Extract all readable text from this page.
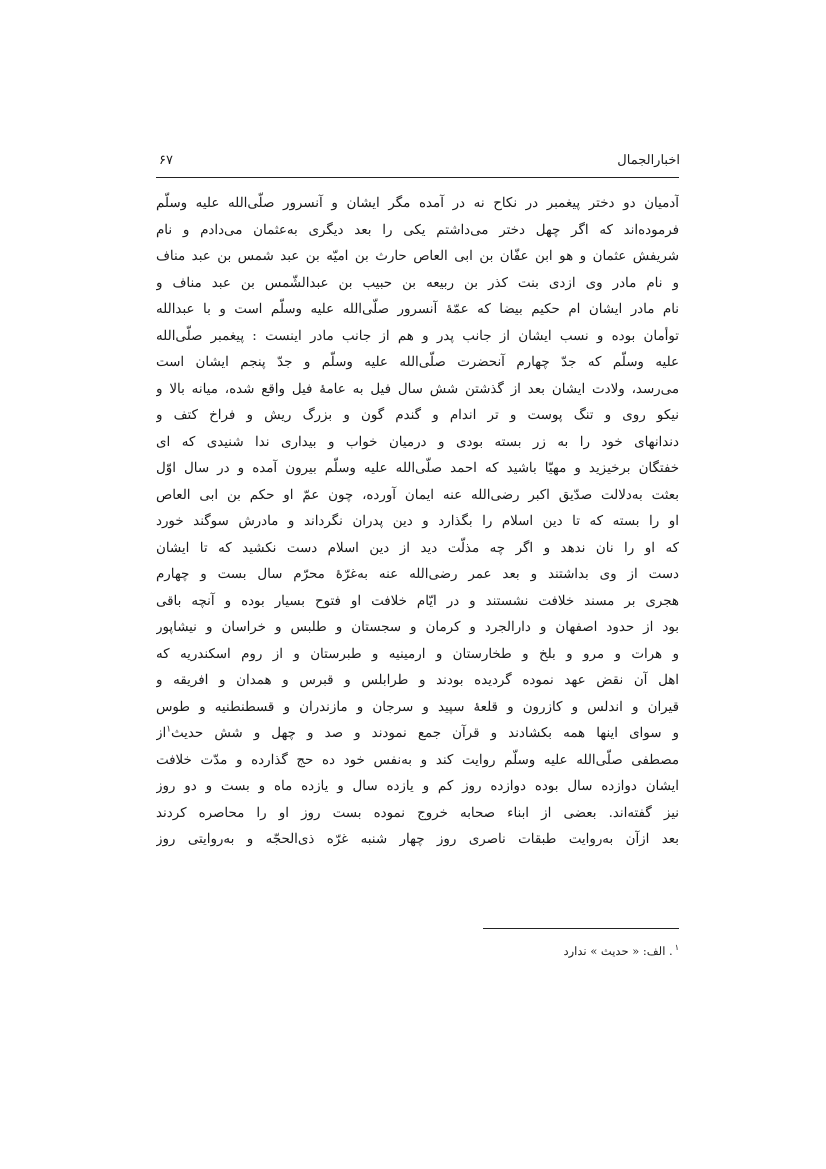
اخبارالجمال
۶۷
آدمیان دو دختر پیغمبر در نکاح نه در آمده مگر ایشان و آنسرور صلّی‌الله علیه وسلّم
فرموده‌اند که اگر چهل دختر می‌داشتم یکی را بعد دیگری به‌عثمان می‌دادم و نام
شریفش عثمان و هو ابن عفّان بن ابی العاص حارث بن امیّه بن عبد شمس بن عبد مناف
و نام مادر وی ازدی بنت کذر بن ربیعه بن حبیب بن عبدالشّمس بن عبد مناف و
نام مادر ایشان ام حکیم بیضا که عمّهٔ آنسرور صلّی‌الله علیه وسلّم است و با عبدالله
توأمان بوده و نسب ایشان از جانب پدر و هم از جانب مادر اینست : پیغمبر صلّی‌الله
علیه وسلّم که جدّ چهارم آنحضرت صلّی‌الله علیه وسلّم و جدّ پنجم ایشان است
می‌رسد، ولادت ایشان بعد از گذشتن شش سال فیل به عامهٔ فیل واقع شده، میانه بالا و
نیکو روی و تنگ پوست و تر اندام و گندم گون و بزرگ ریش و فراخ کتف و
دندانهای خود را به زر بسته بودی و درمیان خواب و بیداری ندا شنیدی که ای
خفتگان برخیزید و مهیّا باشید که احمد صلّی‌الله علیه وسلّم بیرون آمده و در سال اوّل
بعثت به‌دلالت صدّیق اکبر رضی‌الله عنه ایمان آورده، چون عمّ او حکم بن ابی العاص
او را بسته که تا دین اسلام را بگذارد و دین پدران نگرداند و مادرش سوگند خورد
که او را نان ندهد و اگر چه مذلّت دید از دین اسلام دست نکشید که تا ایشان
دست از وی بداشتند و بعد عمر رضی‌الله عنه به‌غرّهٔ محرّم سال بست و چهارم
هجری بر مسند خلافت نشستند و در ایّام خلافت او فتوح بسیار بوده و آنچه باقی
بود از حدود اصفهان و دارالجرد و کرمان و سجستان و طلبس و خراسان و نیشاپور
و هرات و مرو و بلخ و طخارستان و ارمینیه و طبرستان و از روم اسکندریه که
اهل آن نقض عهد نموده گردیده بودند و طرابلس و قبرس و همدان و افریقه و
قیران و اندلس و کازرون و قلعهٔ سپید و سرجان و مازندران و قسطنطنیه و طوس
و سوای اینها همه بکشادند و قرآن جمع نمودند و صد و چهل و شش حدیث$^۱$از
مصطفی صلّی‌الله علیه وسلّم روایت کند و به‌نفس خود ده حج گذارده و مدّت خلافت
ایشان دوازده سال بوده دوازده روز کم و یازده سال و یازده ماه و بست و دو روز
نیز گفته‌اند. بعضی از ابناء صحابه خروج نموده بست روز او را محاصره کردند
بعد ازآن به‌روایت طبقات ناصری روز چهار شنبه غرّه ذی‌الحجّه و به‌روایتی روز
$^۱$. الف: « حدیث » ندارد
